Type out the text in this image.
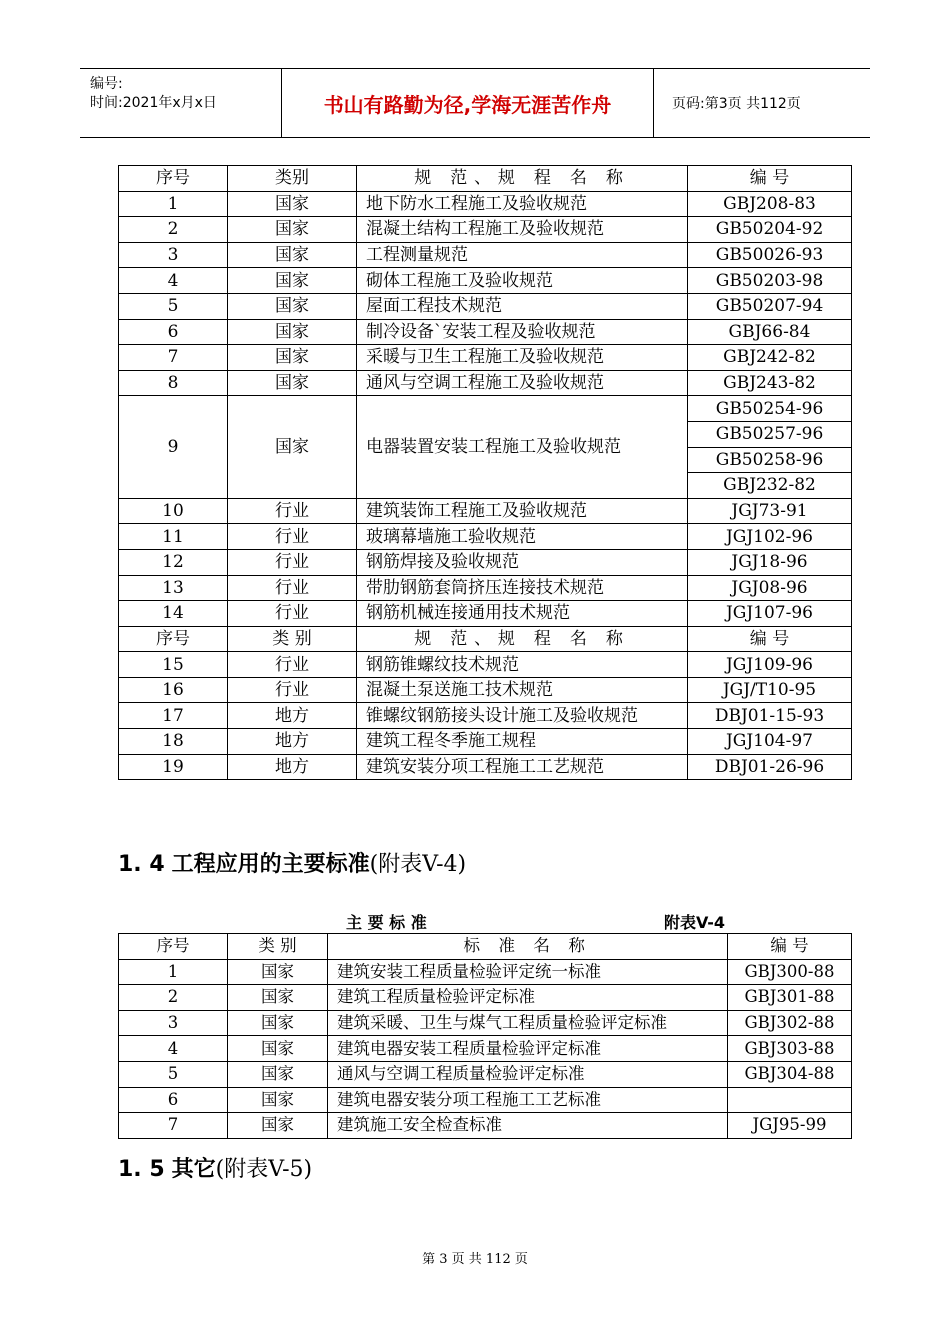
编号:
时间:2021年x月x日	书山有路勤为径,学海无涯苦作舟	页码:第3页 共112页
序号	类别	规 范、规 程 名 称	编 号
1	国家	地下防水工程施工及验收规范	GBJ208-83
2	国家	混凝土结构工程施工及验收规范	GB50204-92
3	国家	工程测量规范	GB50026-93
4	国家	砌体工程施工及验收规范	GB50203-98
5	国家	屋面工程技术规范	GB50207-94
6	国家	制冷设备`安装工程及验收规范	GBJ66-84
7	国家	采暖与卫生工程施工及验收规范	GBJ242-82
8	国家	通风与空调工程施工及验收规范	GBJ243-82
9	国家	电器装置安装工程施工及验收规范	GB50254-96
			GB50257-96
			GB50258-96
			GBJ232-82
10	行业	建筑装饰工程施工及验收规范	JGJ73-91
11	行业	玻璃幕墙施工验收规范	JGJ102-96
12	行业	钢筋焊接及验收规范	JGJ18-96
13	行业	带肋钢筋套筒挤压连接技术规范	JGJ08-96
14	行业	钢筋机械连接通用技术规范	JGJ107-96
序号	类 别	规 范、规 程 名 称	编 号
15	行业	钢筋锥螺纹技术规范	JGJ109-96
16	行业	混凝土泵送施工技术规范	JGJ/T10-95
17	地方	锥螺纹钢筋接头设计施工及验收规范	DBJ01-15-93
18	地方	建筑工程冬季施工规程	JGJ104-97
19	地方	建筑安装分项工程施工工艺规范	DBJ01-26-96
1. 4 工程应用的主要标准(附表V-4)
主 要 标 准	附表V-4
序号	类 别	标 准 名 称	编 号
1	国家	建筑安装工程质量检验评定统一标准	GBJ300-88
2	国家	建筑工程质量检验评定标准	GBJ301-88
3	国家	建筑采暖、卫生与煤气工程质量检验评定标准	GBJ302-88
4	国家	建筑电器安装工程质量检验评定标准	GBJ303-88
5	国家	通风与空调工程质量检验评定标准	GBJ304-88
6	国家	建筑电器安装分项工程施工工艺标准	
7	国家	建筑施工安全检查标准	JGJ95-99
1. 5 其它(附表V-5)
第 3 页 共 112 页
